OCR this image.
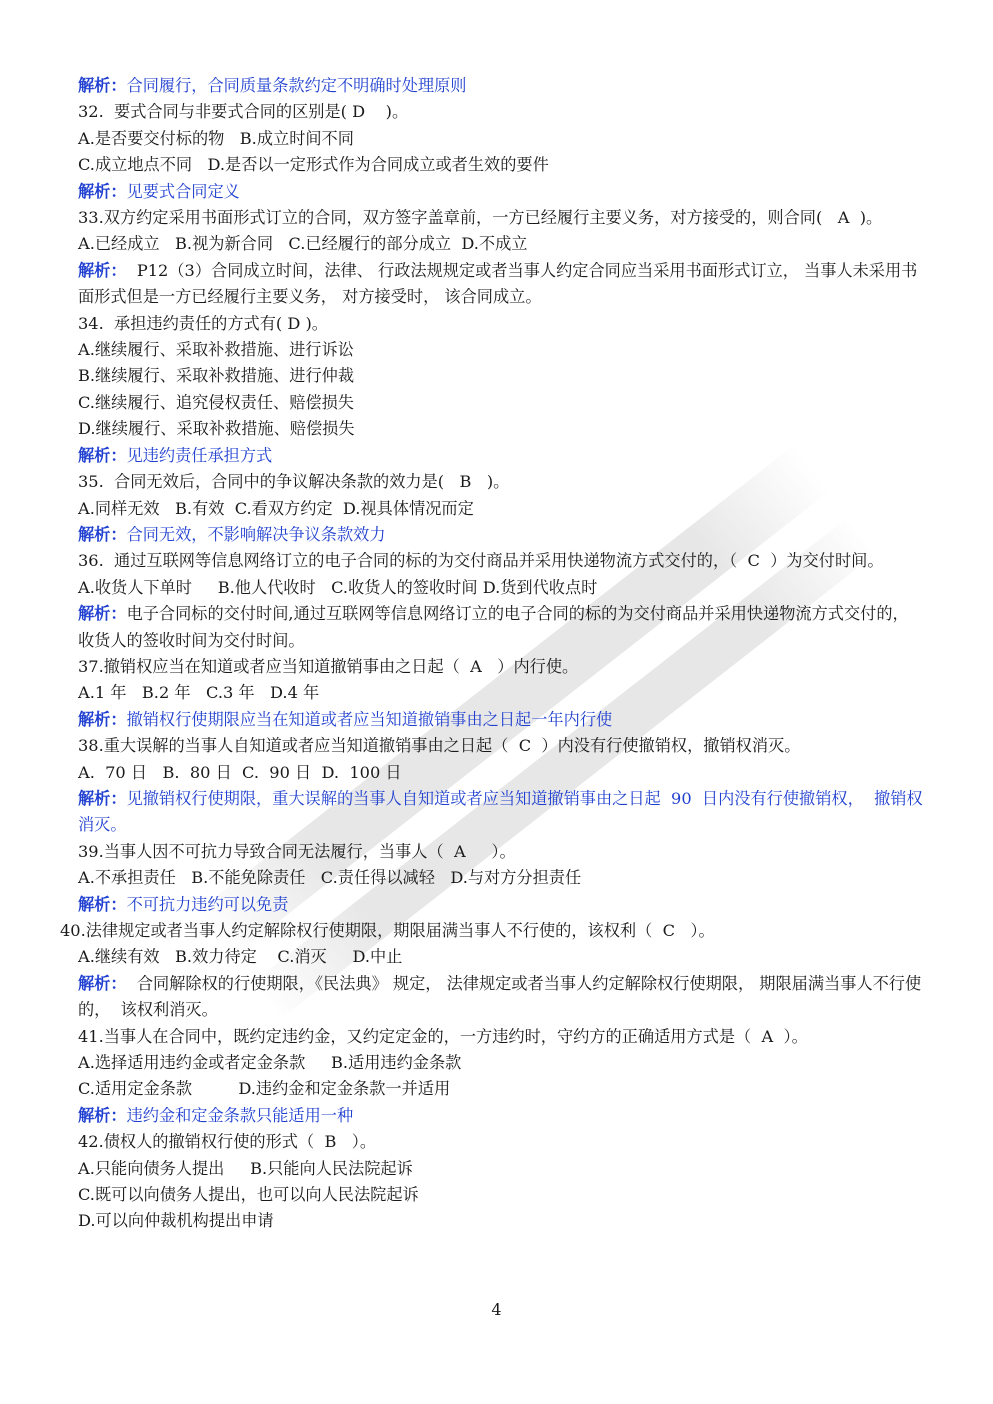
解析：合同履行，合同质量条款约定不明确时处理原则
32.  要式合同与非要式合同的区别是( D    )。
A.是否要交付标的物   B.成立时间不同
C.成立地点不同   D.是否以一定形式作为合同成立或者生效的要件
解析：见要式合同定义
33.双方约定采用书面形式订立的合同，双方签字盖章前，一方已经履行主要义务，对方接受的，则合同(   A  )。
A.已经成立   B.视为新合同   C.已经履行的部分成立  D.不成立
解析：  P12（3）合同成立时间，法律、 行政法规规定或者当事人约定合同应当采用书面形式订立， 当事人未采用书面形式但是一方已经履行主要义务， 对方接受时， 该合同成立。
34.  承担违约责任的方式有( D )。
A.继续履行、采取补救措施、进行诉讼
B.继续履行、采取补救措施、进行仲裁
C.继续履行、追究侵权责任、赔偿损失
D.继续履行、采取补救措施、赔偿损失
解析：见违约责任承担方式
35.  合同无效后，合同中的争议解决条款的效力是(   B   )。
A.同样无效   B.有效  C.看双方约定  D.视具体情况而定
解析：合同无效，不影响解决争议条款效力
36.  通过互联网等信息网络订立的电子合同的标的为交付商品并采用快递物流方式交付的，（  C  ）为交付时间。
A.收货人下单时     B.他人代收时   C.收货人的签收时间 D.货到代收点时
解析：电子合同标的交付时间,通过互联网等信息网络订立的电子合同的标的为交付商品并采用快递物流方式交付的， 收货人的签收时间为交付时间。
37.撤销权应当在知道或者应当知道撤销事由之日起（  A   ）内行使。
A.1 年   B.2 年   C.3 年   D.4 年
解析：撤销权行使期限应当在知道或者应当知道撤销事由之日起一年内行使
38.重大误解的当事人自知道或者应当知道撤销事由之日起（  C  ）内没有行使撤销权，撤销权消灭。
A.  70 日   B.  80 日  C.  90 日  D.  100 日
解析：见撤销权行使期限，重大误解的当事人自知道或者应当知道撤销事由之日起  90  日内没有行使撤销权，  撤销权消灭。
39.当事人因不可抗力导致合同无法履行，当事人（  A     ）。
A.不承担责任   B.不能免除责任   C.责任得以减轻   D.与对方分担责任
解析：不可抗力违约可以免责
40.法律规定或者当事人约定解除权行使期限，期限届满当事人不行使的，该权利（  C   ）。
A.继续有效   B.效力待定    C.消灭     D.中止
解析：  合同解除权的行使期限，《民法典》 规定， 法律规定或者当事人约定解除权行使期限， 期限届满当事人不行使的，  该权利消灭。
41.当事人在合同中，既约定违约金，又约定定金的，一方违约时，守约方的正确适用方式是（  A  ）。
A.选择适用违约金或者定金条款     B.适用违约金条款
C.适用定金条款         D.违约金和定金条款一并适用
解析：违约金和定金条款只能适用一种
42.债权人的撤销权行使的形式（  B   ）。
A.只能向债务人提出     B.只能向人民法院起诉
C.既可以向债务人提出，也可以向人民法院起诉
D.可以向仲裁机构提出申请
4
